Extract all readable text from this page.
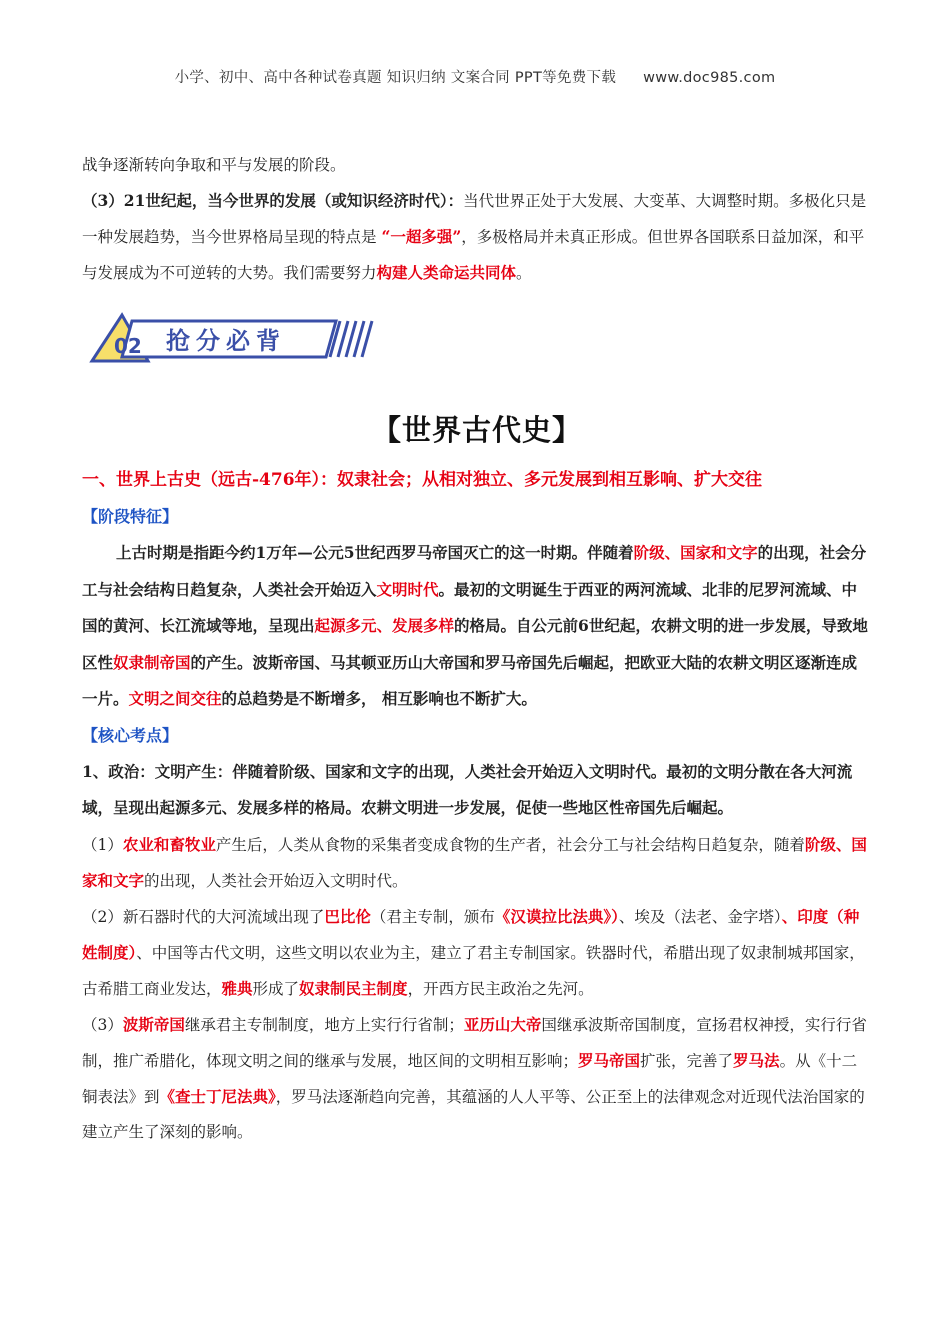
小学、初中、高中各种试卷真题 知识归纳 文案合同 PPT等免费下载 www.doc985.com

战争逐渐转向争取和平与发展的阶段。

（3）21世纪起，当今世界的发展（或知识经济时代）：当代世界正处于大发展、大变革、大调整时期。多极化只是一种发展趋势，当今世界格局呈现的特点是 “一超多强”，多极格局并未真正形成。但世界各国联系日益加深，和平与发展成为不可逆转的大势。我们需要努力构建人类命运共同体。

02 抢分必背
【世界古代史】

一、世界上古史（远古-476年）：奴隶社会；从相对独立、多元发展到相互影响、扩大交往

【阶段特征】

上古时期是指距今约1万年—公元5世纪西罗马帝国灭亡的这一时期。伴随着阶级、国家和文字的出现，社会分工与社会结构日趋复杂，人类社会开始迈入文明时代。最初的文明诞生于西亚的两河流域、北非的尼罗河流域、中国的黄河、长江流域等地，呈现出起源多元、发展多样的格局。自公元前6世纪起，农耕文明的进一步发展，导致地区性奴隶制帝国的产生。波斯帝国、马其顿亚历山大帝国和罗马帝国先后崛起，把欧亚大陆的农耕文明区逐渐连成一片。文明之间交往的总趋势是不断增多， 相互影响也不断扩大。

【核心考点】

1、政治：文明产生：伴随着阶级、国家和文字的出现，人类社会开始迈入文明时代。最初的文明分散在各大河流域，呈现出起源多元、发展多样的格局。农耕文明进一步发展，促使一些地区性帝国先后崛起。

（1）农业和畜牧业产生后，人类从食物的采集者变成食物的生产者，社会分工与社会结构日趋复杂，随着阶级、国家和文字的出现，人类社会开始迈入文明时代。

（2）新石器时代的大河流域出现了巴比伦（君主专制，颁布《汉谟拉比法典》）、埃及（法老、金字塔）、印度（种姓制度）、中国等古代文明，这些文明以农业为主，建立了君主专制国家。铁器时代，希腊出现了奴隶制城邦国家，古希腊工商业发达，雅典形成了奴隶制民主制度，开西方民主政治之先河。

（3）波斯帝国继承君主专制制度，地方上实行行省制；亚历山大帝国继承波斯帝国制度，宣扬君权神授，实行行省制，推广希腊化，体现文明之间的继承与发展，地区间的文明相互影响；罗马帝国扩张，完善了罗马法。从《十二铜表法》到《查士丁尼法典》，罗马法逐渐趋向完善，其蕴涵的人人平等、公正至上的法律观念对近现代法治国家的建立产生了深刻的影响。
